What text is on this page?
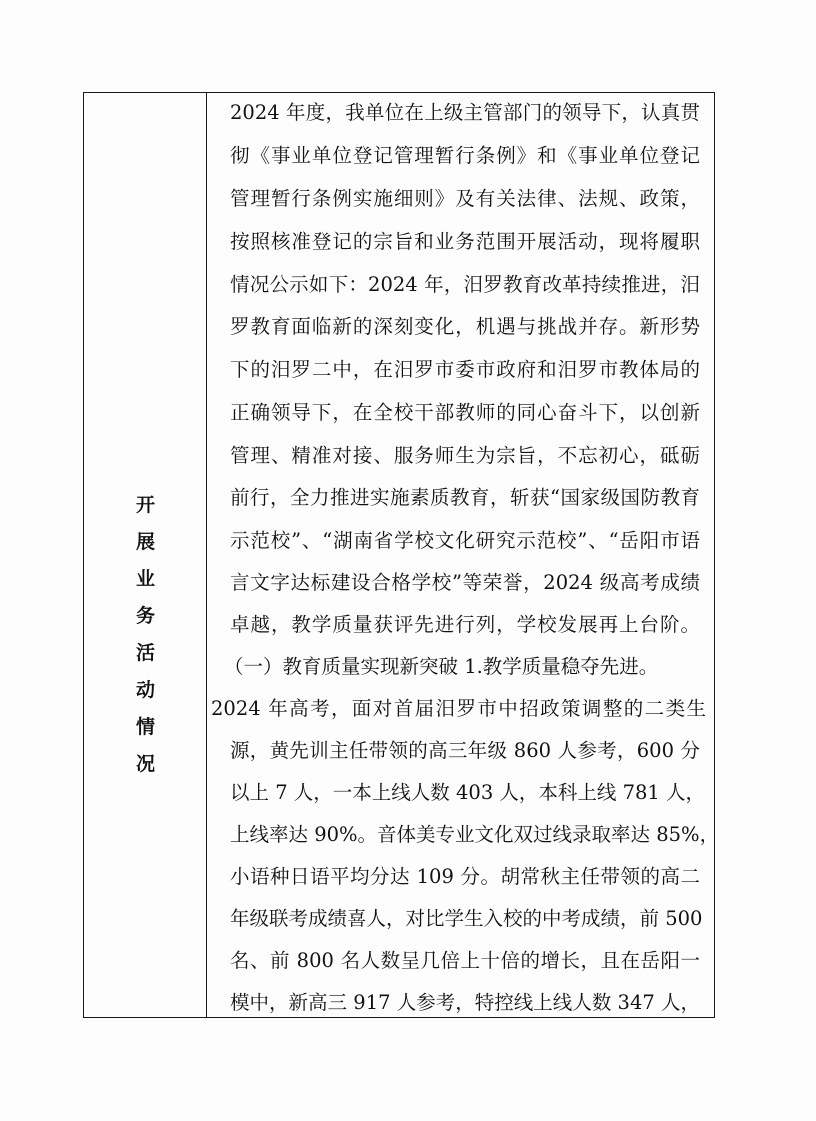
开
展
业
务
活
动
情
况
2024 年度，我单位在上级主管部门的领导下，认真贯
彻《事业单位登记管理暂行条例》和《事业单位登记
管理暂行条例实施细则》及有关法律、法规、政策，
按照核准登记的宗旨和业务范围开展活动，现将履职
情况公示如下：2024 年，汨罗教育改革持续推进，汨
罗教育面临新的深刻变化，机遇与挑战并存。新形势
下的汨罗二中，在汨罗市委市政府和汨罗市教体局的
正确领导下，在全校干部教师的同心奋斗下，以创新
管理、精准对接、服务师生为宗旨，不忘初心，砥砺
前行，全力推进实施素质教育，斩获“国家级国防教育
示范校”、“湖南省学校文化研究示范校”、“岳阳市语
言文字达标建设合格学校”等荣誉，2024 级高考成绩
卓越，教学质量获评先进行列，学校发展再上台阶。
（一）教育质量实现新突破 1.教学质量稳夺先进。
2024 年高考，面对首届汨罗市中招政策调整的二类生
源，黄先训主任带领的高三年级 860 人参考，600 分
以上 7 人，一本上线人数 403 人，本科上线 781 人，
上线率达 90%。音体美专业文化双过线录取率达 85%，
小语种日语平均分达 109 分。胡常秋主任带领的高二
年级联考成绩喜人，对比学生入校的中考成绩，前 500
名、前 800 名人数呈几倍上十倍的增长，且在岳阳一
模中，新高三 917 人参考，特控线上线人数 347 人，
